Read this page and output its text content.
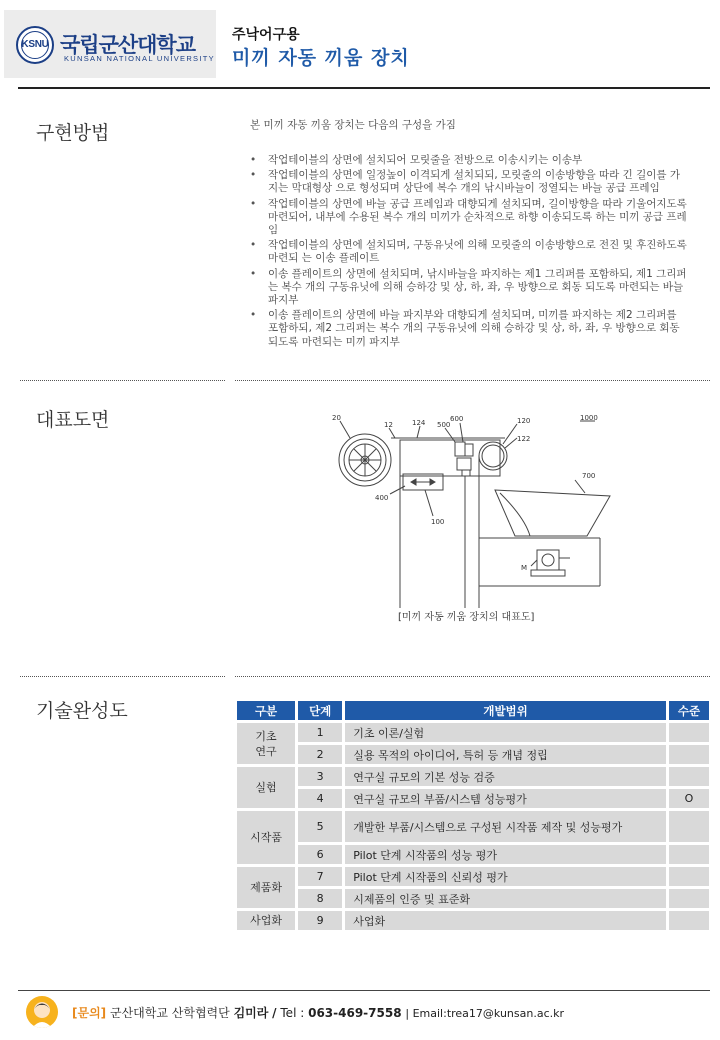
KSNU 국립군산대학교
KUNSAN NATIONAL UNIVERSITY
주낙어구용
미끼 자동 끼움 장치
구현방법	본 미끼 자동 끼움 장치는 다음의 구성을 가짐
• 작업테이블의 상면에 설치되어 모릿줄을 전방으로 이송시키는 이송부
• 작업테이블의 상면에 일정높이 이격되게 설치되되, 모릿줄의 이송방향을 따라 긴 길이를 가지는 막대형상 으로 형성되며 상단에 복수 개의 낚시바늘이 정열되는 바늘 공급 프레임
• 작업테이블의 상면에 바늘 공급 프레임과 대향되게 설치되며, 길이방향을 따라 기울어지도록 마련되어, 내부에 수용된 복수 개의 미끼가 순차적으로 하향 이송되도록 하는 미끼 공급 프레임
• 작업테이블의 상면에 설치되며, 구동유닛에 의해 모릿줄의 이송방향으로 전진 및 후진하도록 마련되 는 이송 플레이트
• 이송 플레이트의 상면에 설치되며, 낚시바늘을 파지하는 제1 그리퍼를 포함하되, 제1 그리퍼는 복수 개의 구동유닛에 의해 승하강 및 상, 하, 좌, 우 방향으로 회동 되도록 마련되는 바늘 파지부
• 이송 플레이트의 상면에 바늘 파지부와 대향되게 설치되며, 미끼를 파지하는 제2 그리퍼를 포함하되, 제2 그리퍼는 복수 개의 구동유닛에 의해 승하강 및 상, 하, 좌, 우 방향으로 회동 되도록 마련되는 미끼 파지부
대표도면	20
12	124 500
600	120
122
1000
700
400
100
M
[미끼 자동 끼움 장치의 대표도]
기술완성도	구분	단계	개발범위	수준
기초
연구	1	기초 이론/실험	
	2	실용 목적의 아이디어, 특허 등 개념 정립	
실험	3	연구실 규모의 기본 성능 검증	
	4	연구실 규모의 부품/시스템 성능평가	O
시작품	5	개발한 부품/시스템으로 구성된 시작품 제작 및 성능평가	
	6	Pilot 단계 시작품의 성능 평가	
제품화	7	Pilot 단계 시작품의 신뢰성 평가	
	8	시제품의 인증 및 표준화	
사업화	9	사업화	
[문의] 군산대학교 산학협력단 김미라 / Tel : 063-469-7558 | Email:trea17@kunsan.ac.kr
